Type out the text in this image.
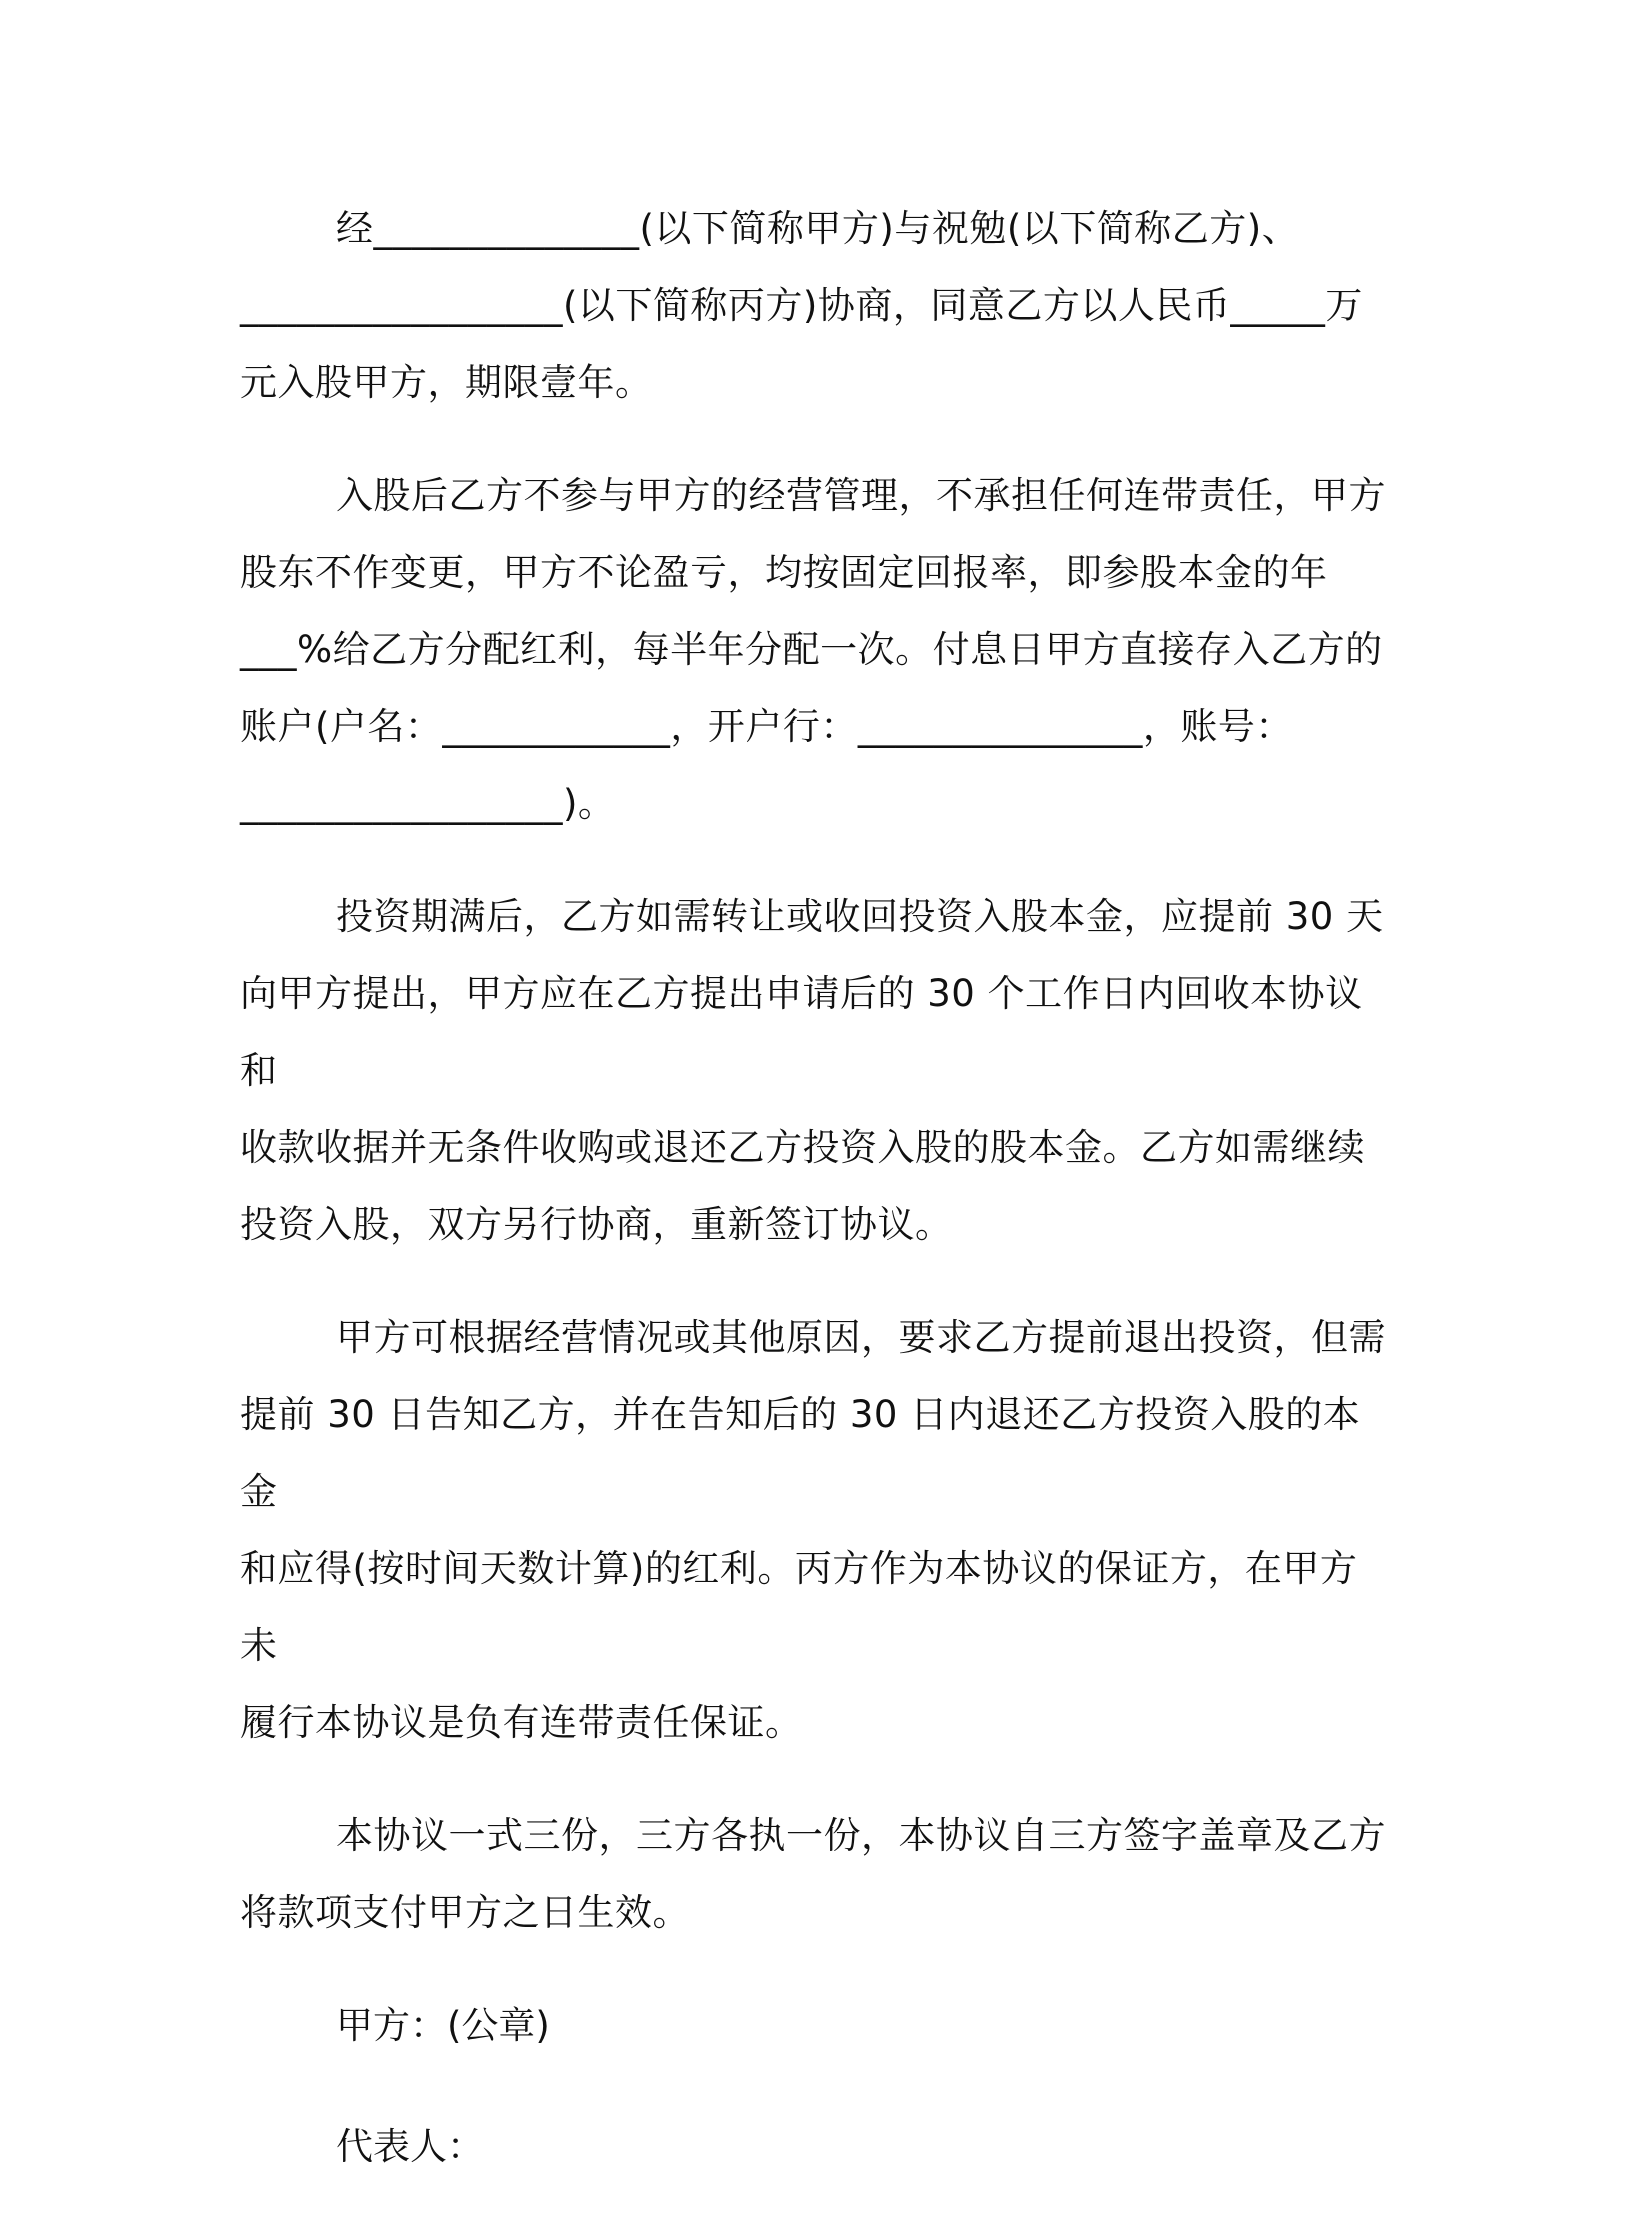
经______________(以下简称甲方)与祝勉(以下简称乙方)、
_________________(以下简称丙方)协商，同意乙方以人民币_____万
元入股甲方，期限壹年。
入股后乙方不参与甲方的经营管理，不承担任何连带责任，甲方
股东不作变更，甲方不论盈亏，均按固定回报率，即参股本金的年
___%给乙方分配红利，每半年分配一次。付息日甲方直接存入乙方的
账户(户名：____________，开户行：_______________，账号：
_________________)。
投资期满后，乙方如需转让或收回投资入股本金，应提前 30 天
向甲方提出，甲方应在乙方提出申请后的 30 个工作日内回收本协议和
收款收据并无条件收购或退还乙方投资入股的股本金。乙方如需继续
投资入股，双方另行协商，重新签订协议。
甲方可根据经营情况或其他原因，要求乙方提前退出投资，但需
提前 30 日告知乙方，并在告知后的 30 日内退还乙方投资入股的本金
和应得(按时间天数计算)的红利。丙方作为本协议的保证方，在甲方未
履行本协议是负有连带责任保证。
本协议一式三份，三方各执一份，本协议自三方签字盖章及乙方
将款项支付甲方之日生效。
甲方：(公章)
代表人：
